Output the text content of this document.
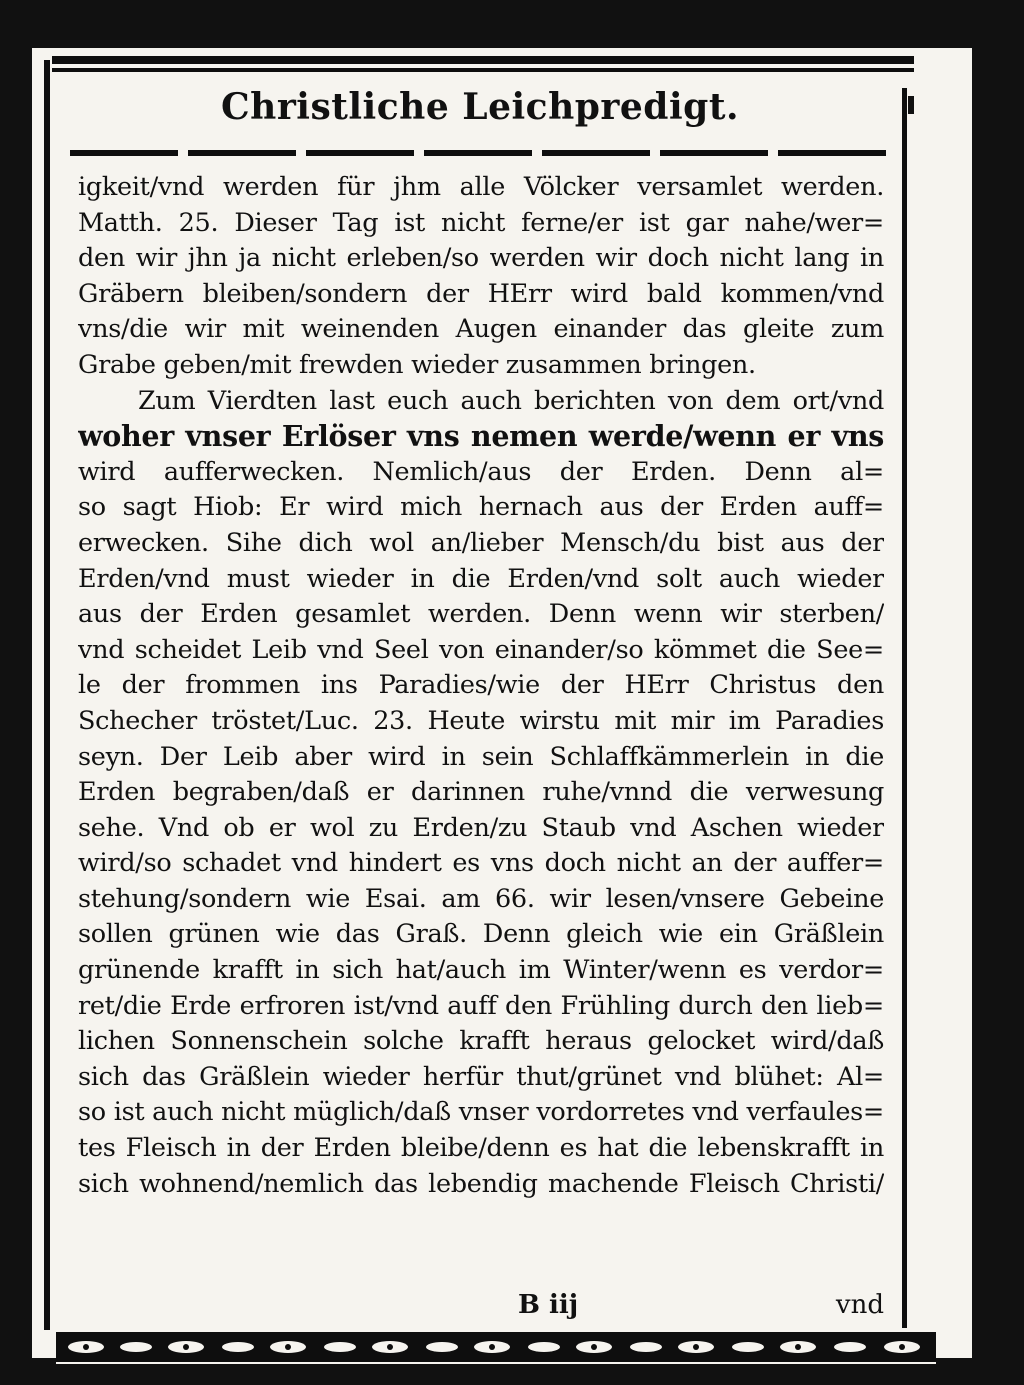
Christliche Leichpredigt.
igkeit/vnd werden für jhm alle Völcker versamlet werden.
Matth. 25. Dieser Tag ist nicht ferne/er ist gar nahe/wer=
den wir jhn ja nicht erleben/so werden wir doch nicht lang in
Gräbern bleiben/sondern der HErr wird bald kommen/vnd
vns/die wir mit weinenden Augen einander das gleite zum
Grabe geben/mit frewden wieder zusammen bringen.
Zum Vierdten last euch auch berichten von dem ort/vnd
woher vnser Erlöser vns nemen werde/wenn er vns
wird aufferwecken. Nemlich/aus der Erden. Denn al=
so sagt Hiob: Er wird mich hernach aus der Erden auff=
erwecken. Sihe dich wol an/lieber Mensch/du bist aus der
Erden/vnd must wieder in die Erden/vnd solt auch wieder
aus der Erden gesamlet werden. Denn wenn wir sterben/
vnd scheidet Leib vnd Seel von einander/so kömmet die See=
le der frommen ins Paradies/wie der HErr Christus den
Schecher tröstet/Luc. 23. Heute wirstu mit mir im Paradies
seyn. Der Leib aber wird in sein Schlaffkämmerlein in die
Erden begraben/daß er darinnen ruhe/vnnd die verwesung
sehe. Vnd ob er wol zu Erden/zu Staub vnd Aschen wieder
wird/so schadet vnd hindert es vns doch nicht an der auffer=
stehung/sondern wie Esai. am 66. wir lesen/vnsere Gebeine
sollen grünen wie das Graß. Denn gleich wie ein Gräßlein
grünende krafft in sich hat/auch im Winter/wenn es verdor=
ret/die Erde erfroren ist/vnd auff den Frühling durch den lieb=
lichen Sonnenschein solche krafft heraus gelocket wird/daß
sich das Gräßlein wieder herfür thut/grünet vnd blühet: Al=
so ist auch nicht müglich/daß vnser vordorretes vnd verfaules=
tes Fleisch in der Erden bleibe/denn es hat die lebenskrafft in
sich wohnend/nemlich das lebendig machende Fleisch Christi/
B iij	vnd
